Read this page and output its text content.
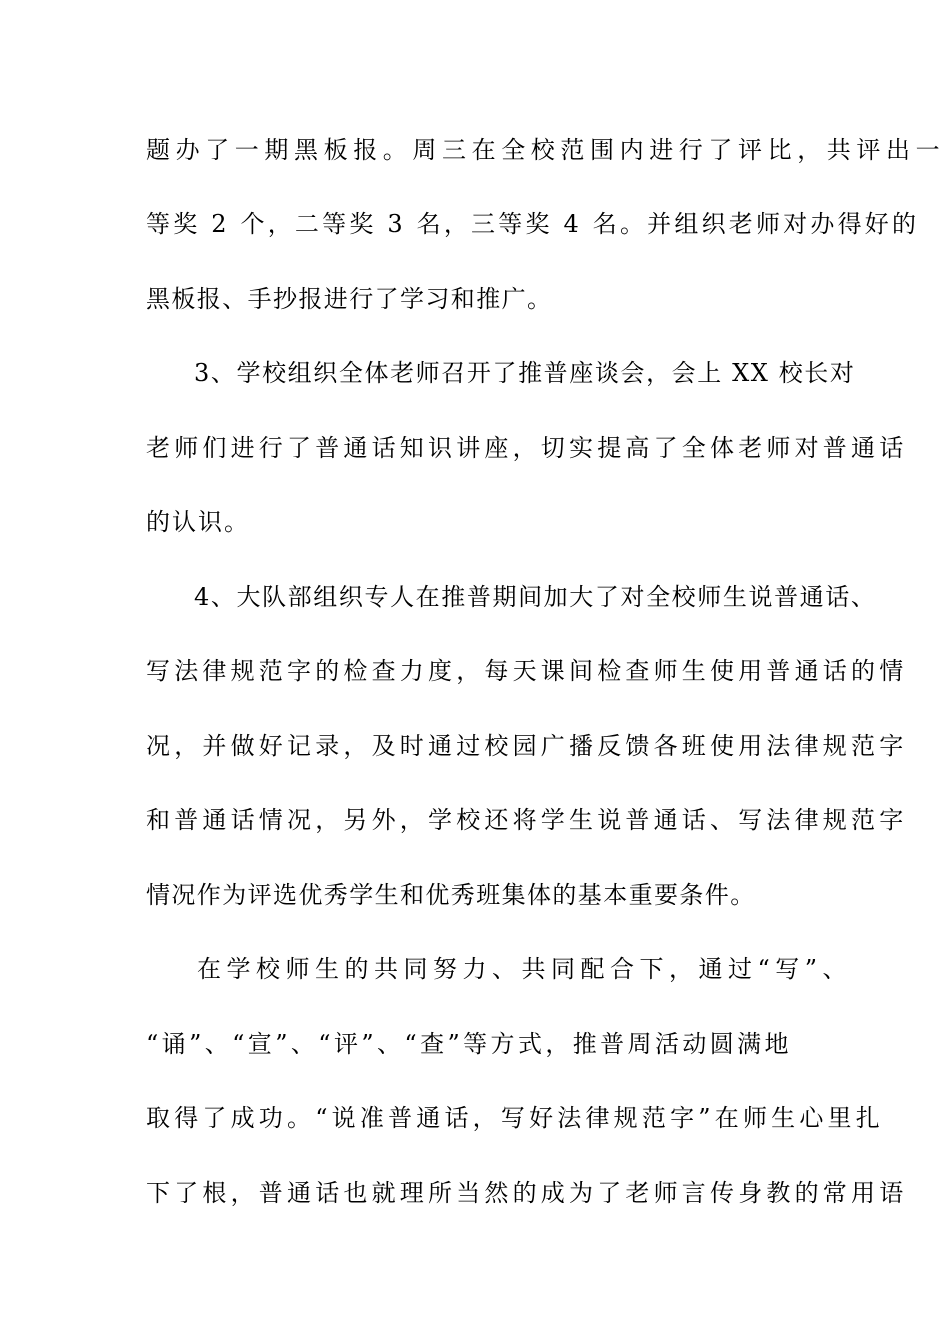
题办了一期黑板报。周三在全校范围内进行了评比，共评出一
等奖 2 个，二等奖 3 名，三等奖 4 名。并组织老师对办得好的
黑板报、手抄报进行了学习和推广。
3、学校组织全体老师召开了推普座谈会，会上 XX 校长对
老师们进行了普通话知识讲座，切实提高了全体老师对普通话
的认识。
4、大队部组织专人在推普期间加大了对全校师生说普通话、
写法律规范字的检查力度，每天课间检查师生使用普通话的情
况，并做好记录，及时通过校园广播反馈各班使用法律规范字
和普通话情况，另外，学校还将学生说普通话、写法律规范字
情况作为评选优秀学生和优秀班集体的基本重要条件。
在学校师生的共同努力、共同配合下，通过“写”、
“诵”、“宣”、“评”、“查”等方式，推普周活动圆满地
取得了成功。“说准普通话，写好法律规范字”在师生心里扎
下了根，普通话也就理所当然的成为了老师言传身教的常用语
